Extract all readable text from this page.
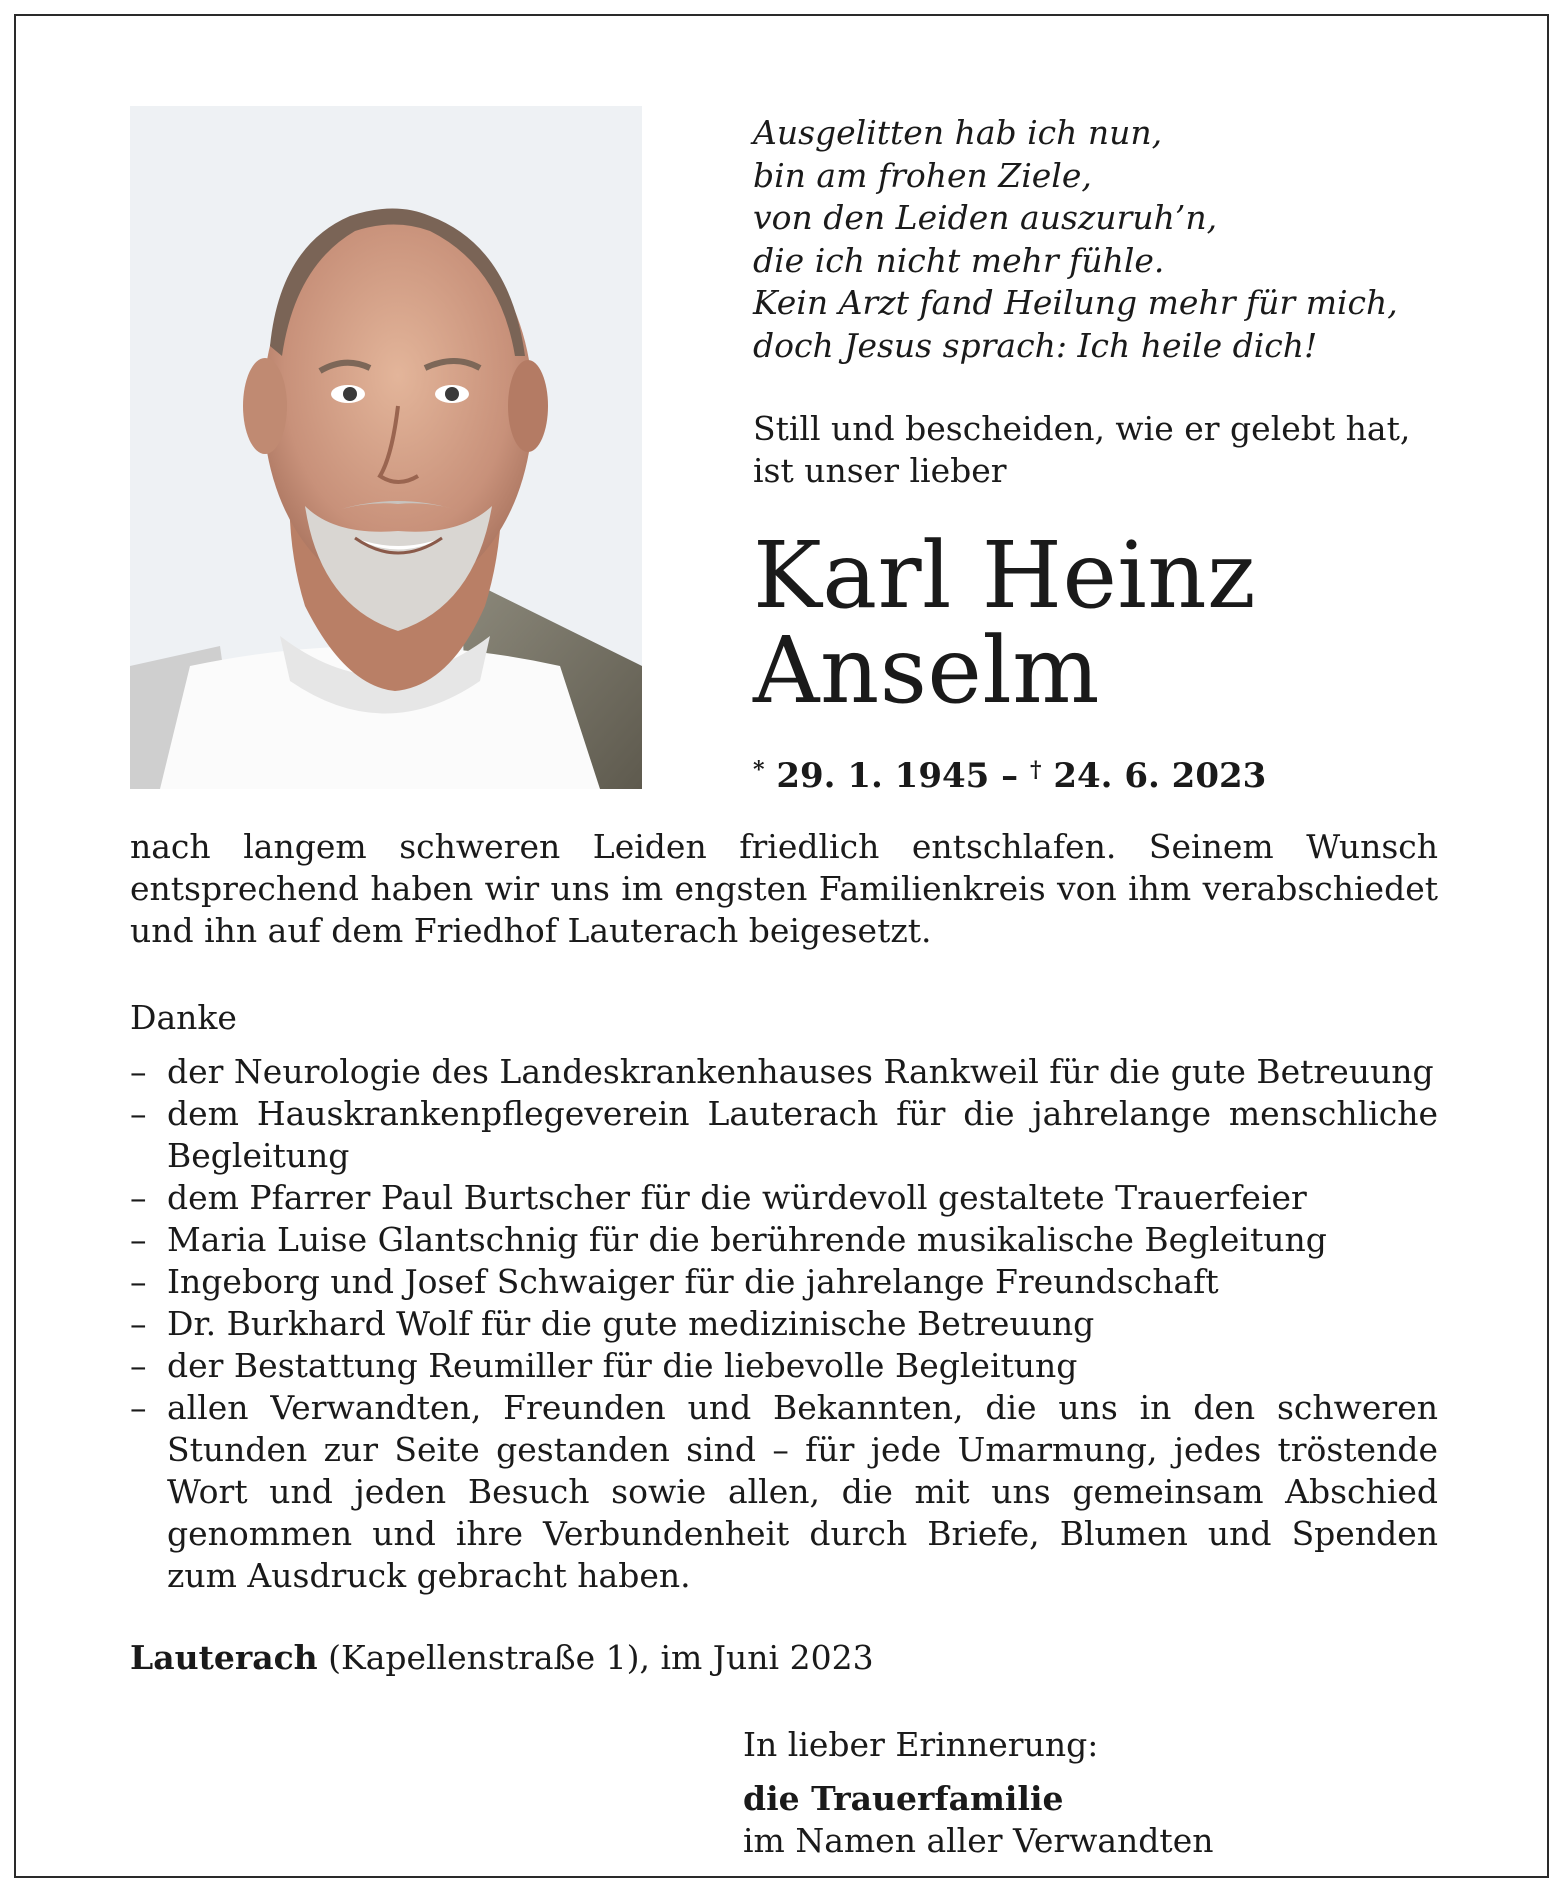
Ausgelitten hab ich nun,
bin am frohen Ziele,
von den Leiden auszuruh’n,
die ich nicht mehr fühle.
Kein Arzt fand Heilung mehr für mich,
doch Jesus sprach: Ich heile dich!
Still und bescheiden, wie er gelebt hat,
ist unser lieber
Karl Heinz
Anselm
* 29. 1. 1945 – † 24. 6. 2023
nach langem schweren Leiden friedlich entschlafen. Seinem Wunsch entsprechend haben wir uns im engsten Familienkreis von ihm verabschiedet und ihn auf dem Friedhof Lauterach beigesetzt.
Danke
– der Neurologie des Landeskrankenhauses Rankweil für die gute Betreuung
– dem Hauskrankenpflegeverein Lauterach für die jahrelange menschliche Begleitung
– dem Pfarrer Paul Burtscher für die würdevoll gestaltete Trauerfeier
– Maria Luise Glantschnig für die berührende musikalische Begleitung
– Ingeborg und Josef Schwaiger für die jahrelange Freundschaft
– Dr. Burkhard Wolf für die gute medizinische Betreuung
– der Bestattung Reumiller für die liebevolle Begleitung
– allen Verwandten, Freunden und Bekannten, die uns in den schweren Stunden zur Seite gestanden sind – für jede Umarmung, jedes tröstende Wort und jeden Besuch sowie allen, die mit uns gemeinsam Abschied genommen und ihre Verbundenheit durch Briefe, Blumen und Spenden zum Ausdruck gebracht haben.
Lauterach (Kapellenstraße 1), im Juni 2023
In lieber Erinnerung:
die Trauerfamilie
im Namen aller Verwandten
